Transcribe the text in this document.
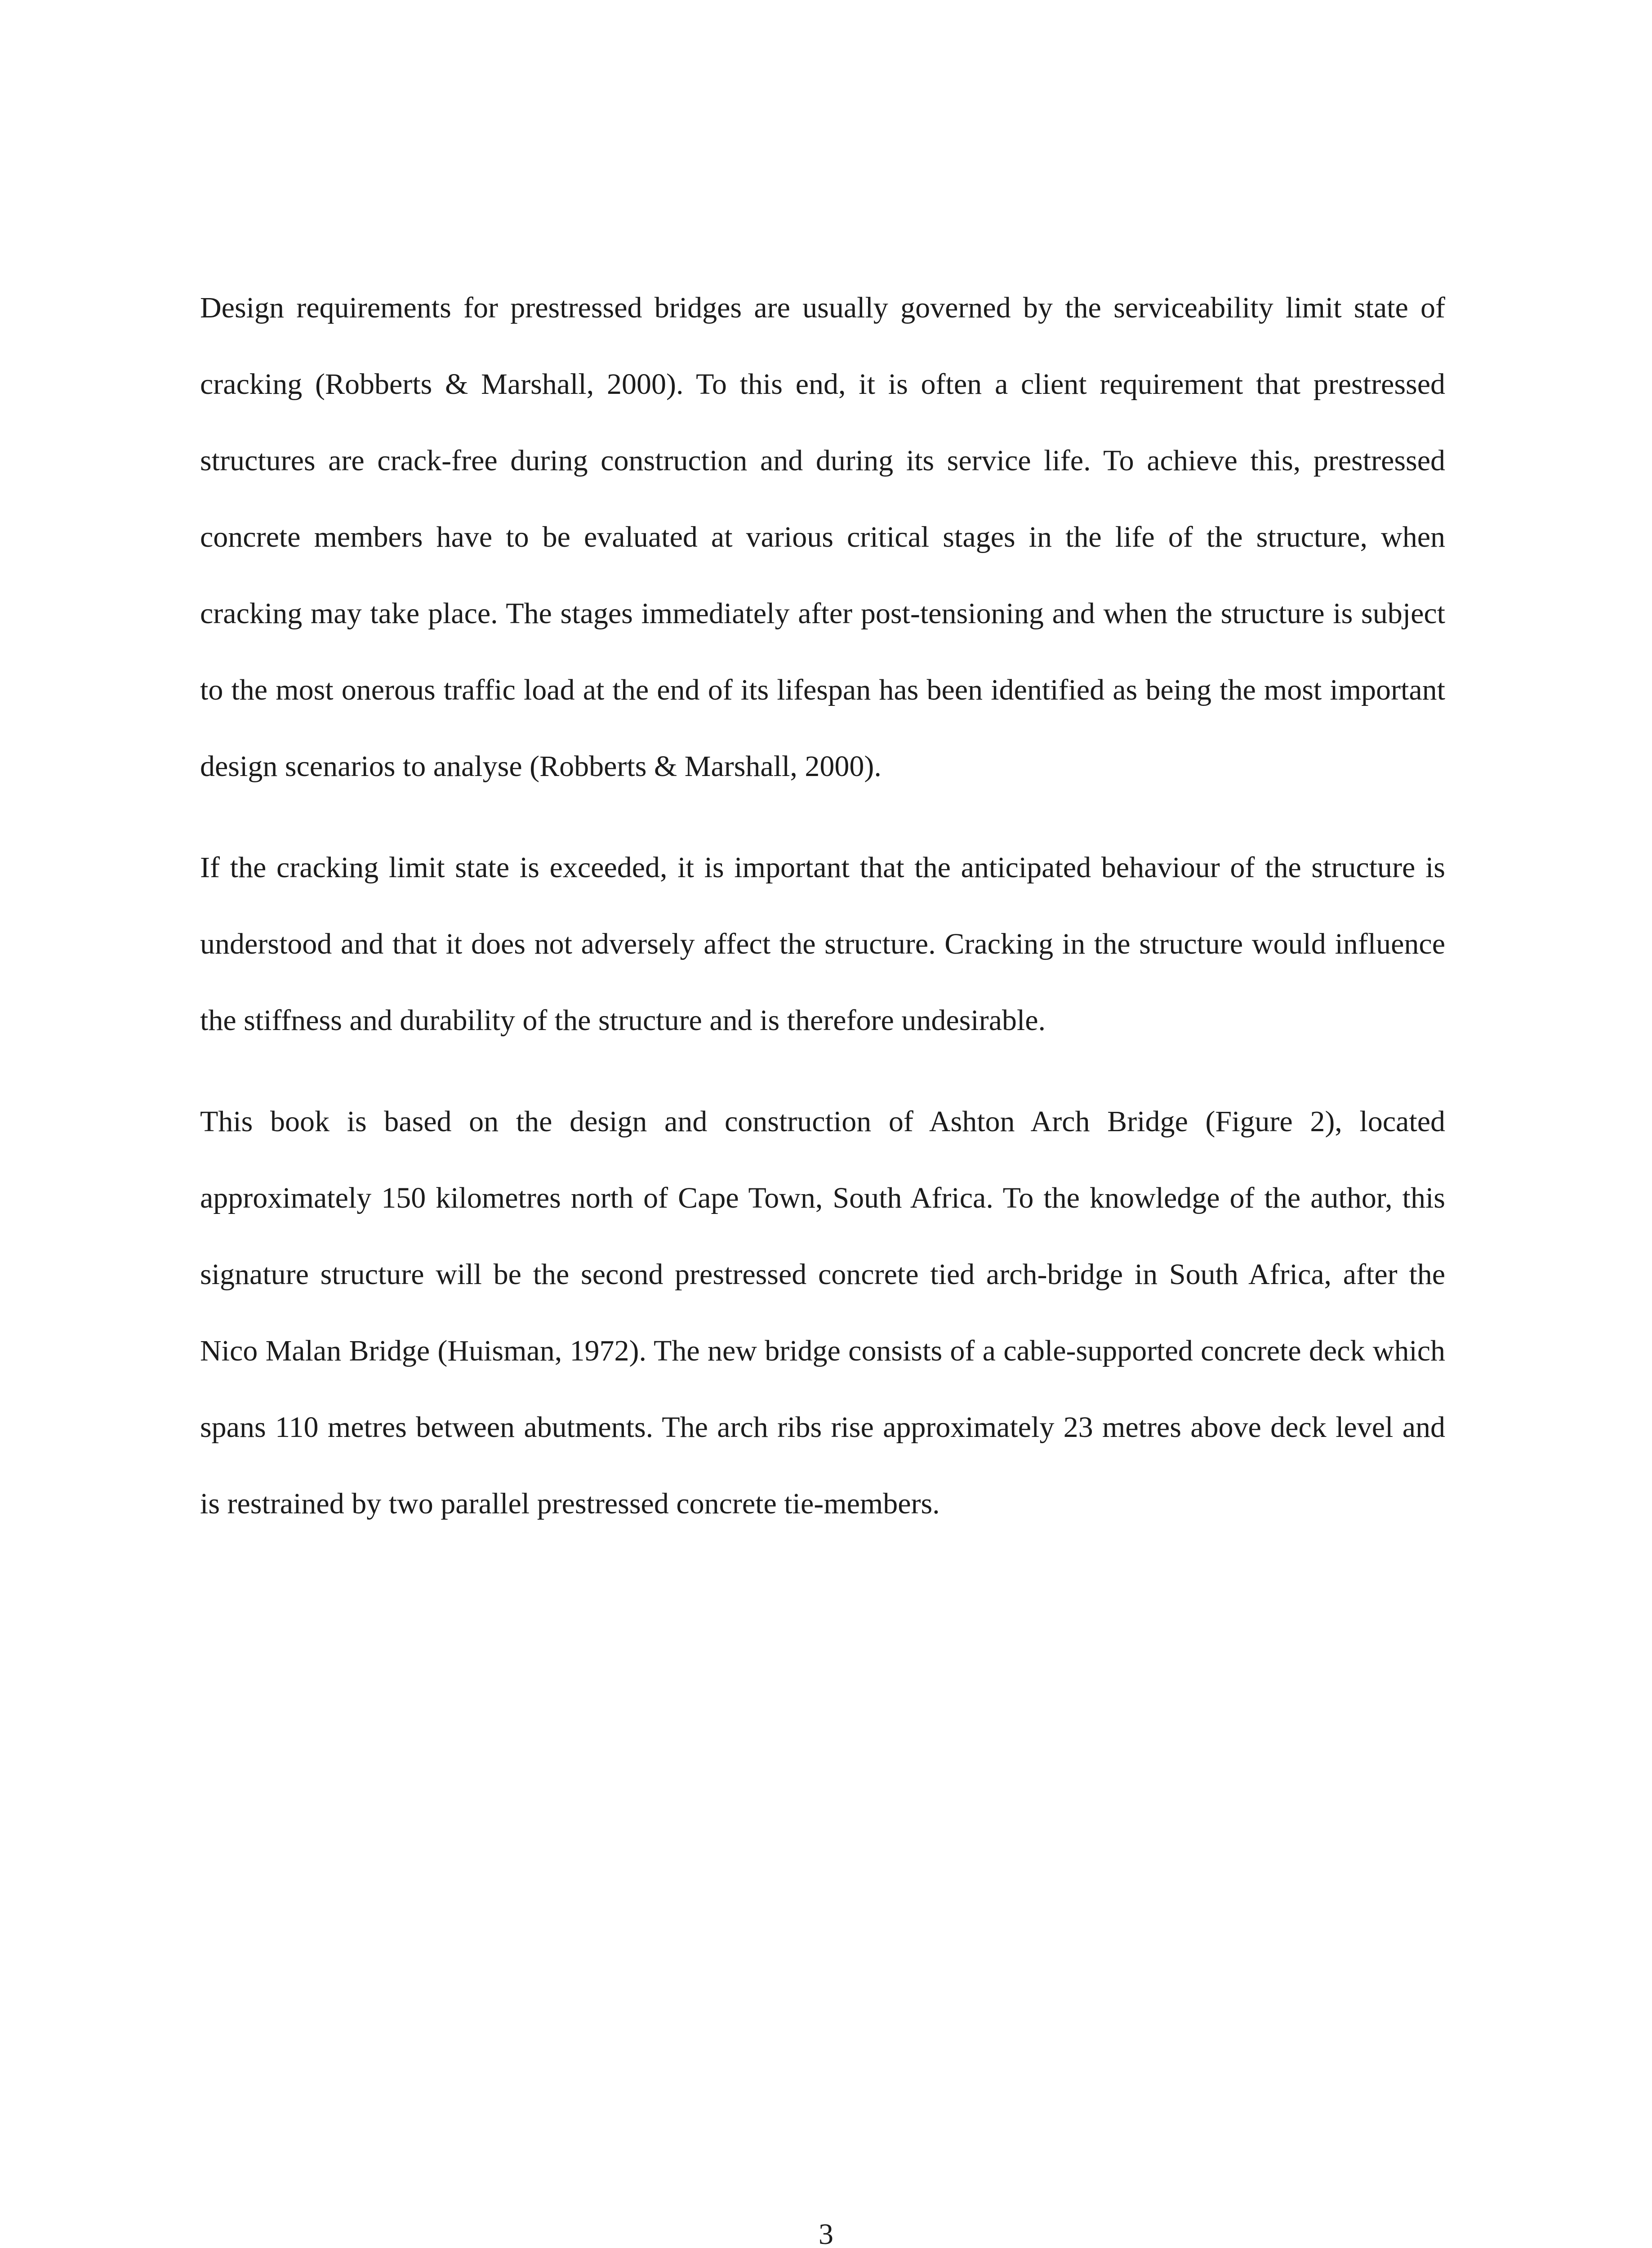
Design requirements for prestressed bridges are usually governed by the serviceability limit state of cracking (Robberts & Marshall, 2000). To this end, it is often a client requirement that prestressed structures are crack-free during construction and during its service life. To achieve this, prestressed concrete members have to be evaluated at various critical stages in the life of the structure, when cracking may take place. The stages immediately after post-tensioning and when the structure is subject to the most onerous traffic load at the end of its lifespan has been identified as being the most important design scenarios to analyse (Robberts & Marshall, 2000).

If the cracking limit state is exceeded, it is important that the anticipated behaviour of the structure is understood and that it does not adversely affect the structure. Cracking in the structure would influence the stiffness and durability of the structure and is therefore undesirable.

This book is based on the design and construction of Ashton Arch Bridge (Figure 2), located approximately 150 kilometres north of Cape Town, South Africa. To the knowledge of the author, this signature structure will be the second prestressed concrete tied arch-bridge in South Africa, after the Nico Malan Bridge (Huisman, 1972). The new bridge consists of a cable-supported concrete deck which spans 110 metres between abutments. The arch ribs rise approximately 23 metres above deck level and is restrained by two parallel prestressed concrete tie-members.

3
